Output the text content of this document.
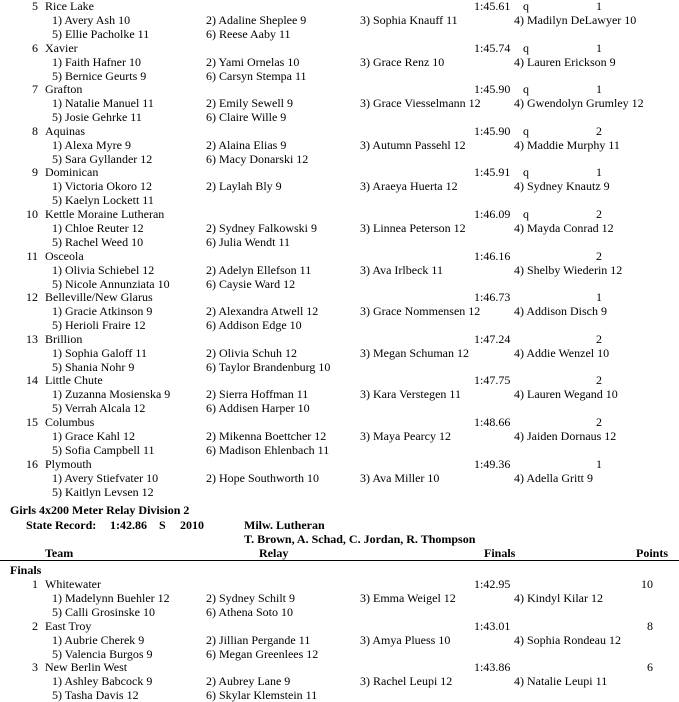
5 Rice Lake	1:45.61 q	1
1) Avery Ash 10	2) Adaline Sheplee 9	3) Sophia Knauff 11	4) Madilyn DeLawyer 10
5) Ellie Pacholke 11	6) Reese Aaby 11
6 Xavier	1:45.74 q	1
1) Faith Hafner 10	2) Yami Ornelas 10	3) Grace Renz 10	4) Lauren Erickson 9
5) Bernice Geurts 9	6) Carsyn Stempa 11
7 Grafton	1:45.90 q	1
1) Natalie Manuel 11	2) Emily Sewell 9	3) Grace Viesselmann 12	4) Gwendolyn Grumley 12
5) Josie Gehrke 11	6) Claire Wille 9
8 Aquinas	1:45.90 q	2
1) Alexa Myre 9	2) Alaina Elias 9	3) Autumn Passehl 12	4) Maddie Murphy 11
5) Sara Gyllander 12	6) Macy Donarski 12
9 Dominican	1:45.91 q	1
1) Victoria Okoro 12	2) Laylah Bly 9	3) Araeya Huerta 12	4) Sydney Knautz 9
5) Kaelyn Lockett 11
10 Kettle Moraine Lutheran	1:46.09 q	2
1) Chloe Reuter 12	2) Sydney Falkowski 9	3) Linnea Peterson 12	4) Mayda Conrad 12
5) Rachel Weed 10	6) Julia Wendt 11
11 Osceola	1:46.16	2
1) Olivia Schiebel 12	2) Adelyn Ellefson 11	3) Ava Irlbeck 11	4) Shelby Wiederin 12
5) Nicole Annunziata 10	6) Caysie Ward 12
12 Belleville/New Glarus	1:46.73	1
1) Gracie Atkinson 9	2) Alexandra Atwell 12	3) Grace Nommensen 12	4) Addison Disch 9
5) Herioli Fraire 12	6) Addison Edge 10
13 Brillion	1:47.24	2
1) Sophia Galoff 11	2) Olivia Schuh 12	3) Megan Schuman 12	4) Addie Wenzel 10
5) Shania Nohr 9	6) Taylor Brandenburg 10
14 Little Chute	1:47.75	2
1) Zuzanna Mosienska 9	2) Sierra Hoffman 11	3) Kara Verstegen 11	4) Lauren Wegand 10
5) Verrah Alcala 12	6) Addisen Harper 10
15 Columbus	1:48.66	2
1) Grace Kahl 12	2) Mikenna Boettcher 12	3) Maya Pearcy 12	4) Jaiden Dornaus 12
5) Sofia Campbell 11	6) Madison Ehlenbach 11
16 Plymouth	1:49.36	1
1) Avery Stiefvater 10	2) Hope Southworth 10	3) Ava Miller 10	4) Adella Gritt 9
5) Kaitlyn Levsen 12
Girls 4x200 Meter Relay Division 2
State Record: 1:42.86 S 2010	Milw. Lutheran
T. Brown, A. Schad, C. Jordan, R. Thompson
Team	Relay	Finals	Points
Finals
1 Whitewater	1:42.95	10
1) Madelynn Buehler 12	2) Sydney Schilt 9	3) Emma Weigel 12	4) Kindyl Kilar 12
5) Calli Grosinske 10	6) Athena Soto 10
2 East Troy	1:43.01	8
1) Aubrie Cherek 9	2) Jillian Pergande 11	3) Amya Pluess 10	4) Sophia Rondeau 12
5) Valencia Burgos 9	6) Megan Greenlees 12
3 New Berlin West	1:43.86	6
1) Ashley Babcock 9	2) Aubrey Lane 9	3) Rachel Leupi 12	4) Natalie Leupi 11
5) Tasha Davis 12	6) Skylar Klemstein 11
